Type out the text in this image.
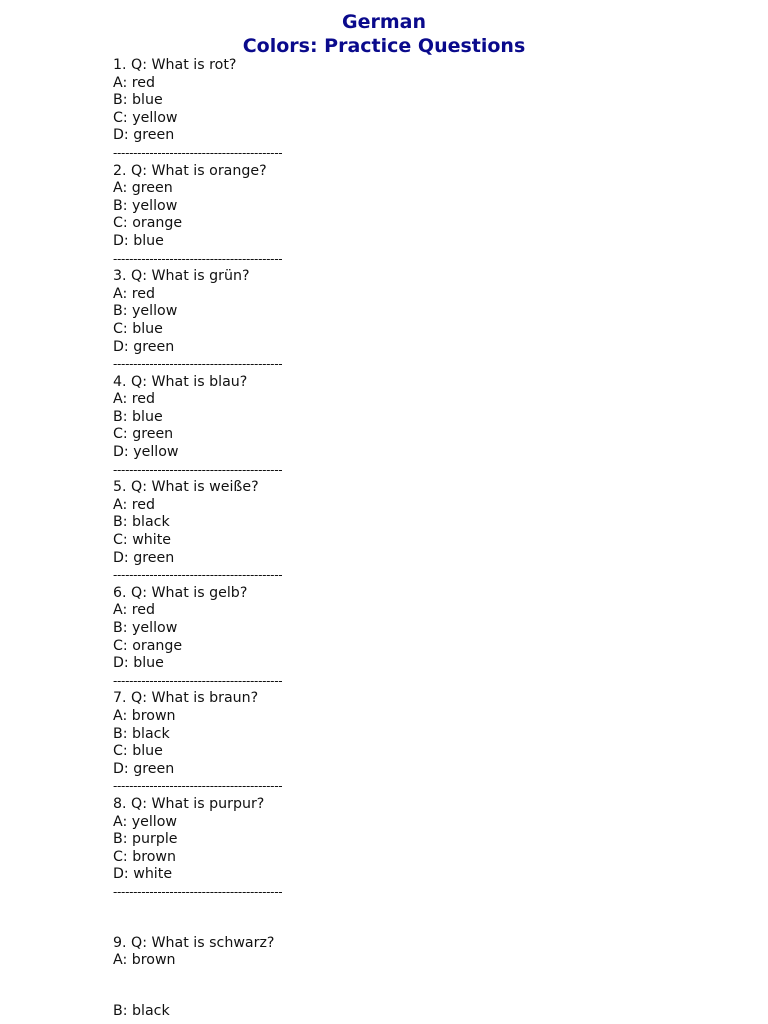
German
Colors: Practice Questions
1. Q: What is rot?
A: red
B: blue
C: yellow
D: green
------------------------------------------
2. Q: What is orange?
A: green
B: yellow
C: orange
D: blue
------------------------------------------
3. Q: What is grün?
A: red
B: yellow
C: blue
D: green
------------------------------------------
4. Q: What is blau?
A: red
B: blue
C: green
D: yellow
------------------------------------------
5. Q: What is weiße?
A: red
B: black
C: white
D: green
------------------------------------------
6. Q: What is gelb?
A: red
B: yellow
C: orange
D: blue
------------------------------------------
7. Q: What is braun?
A: brown
B: black
C: blue
D: green
------------------------------------------
8. Q: What is purpur?
A: yellow
B: purple
C: brown
D: white
------------------------------------------
9. Q: What is schwarz?
A: brown
B: black
